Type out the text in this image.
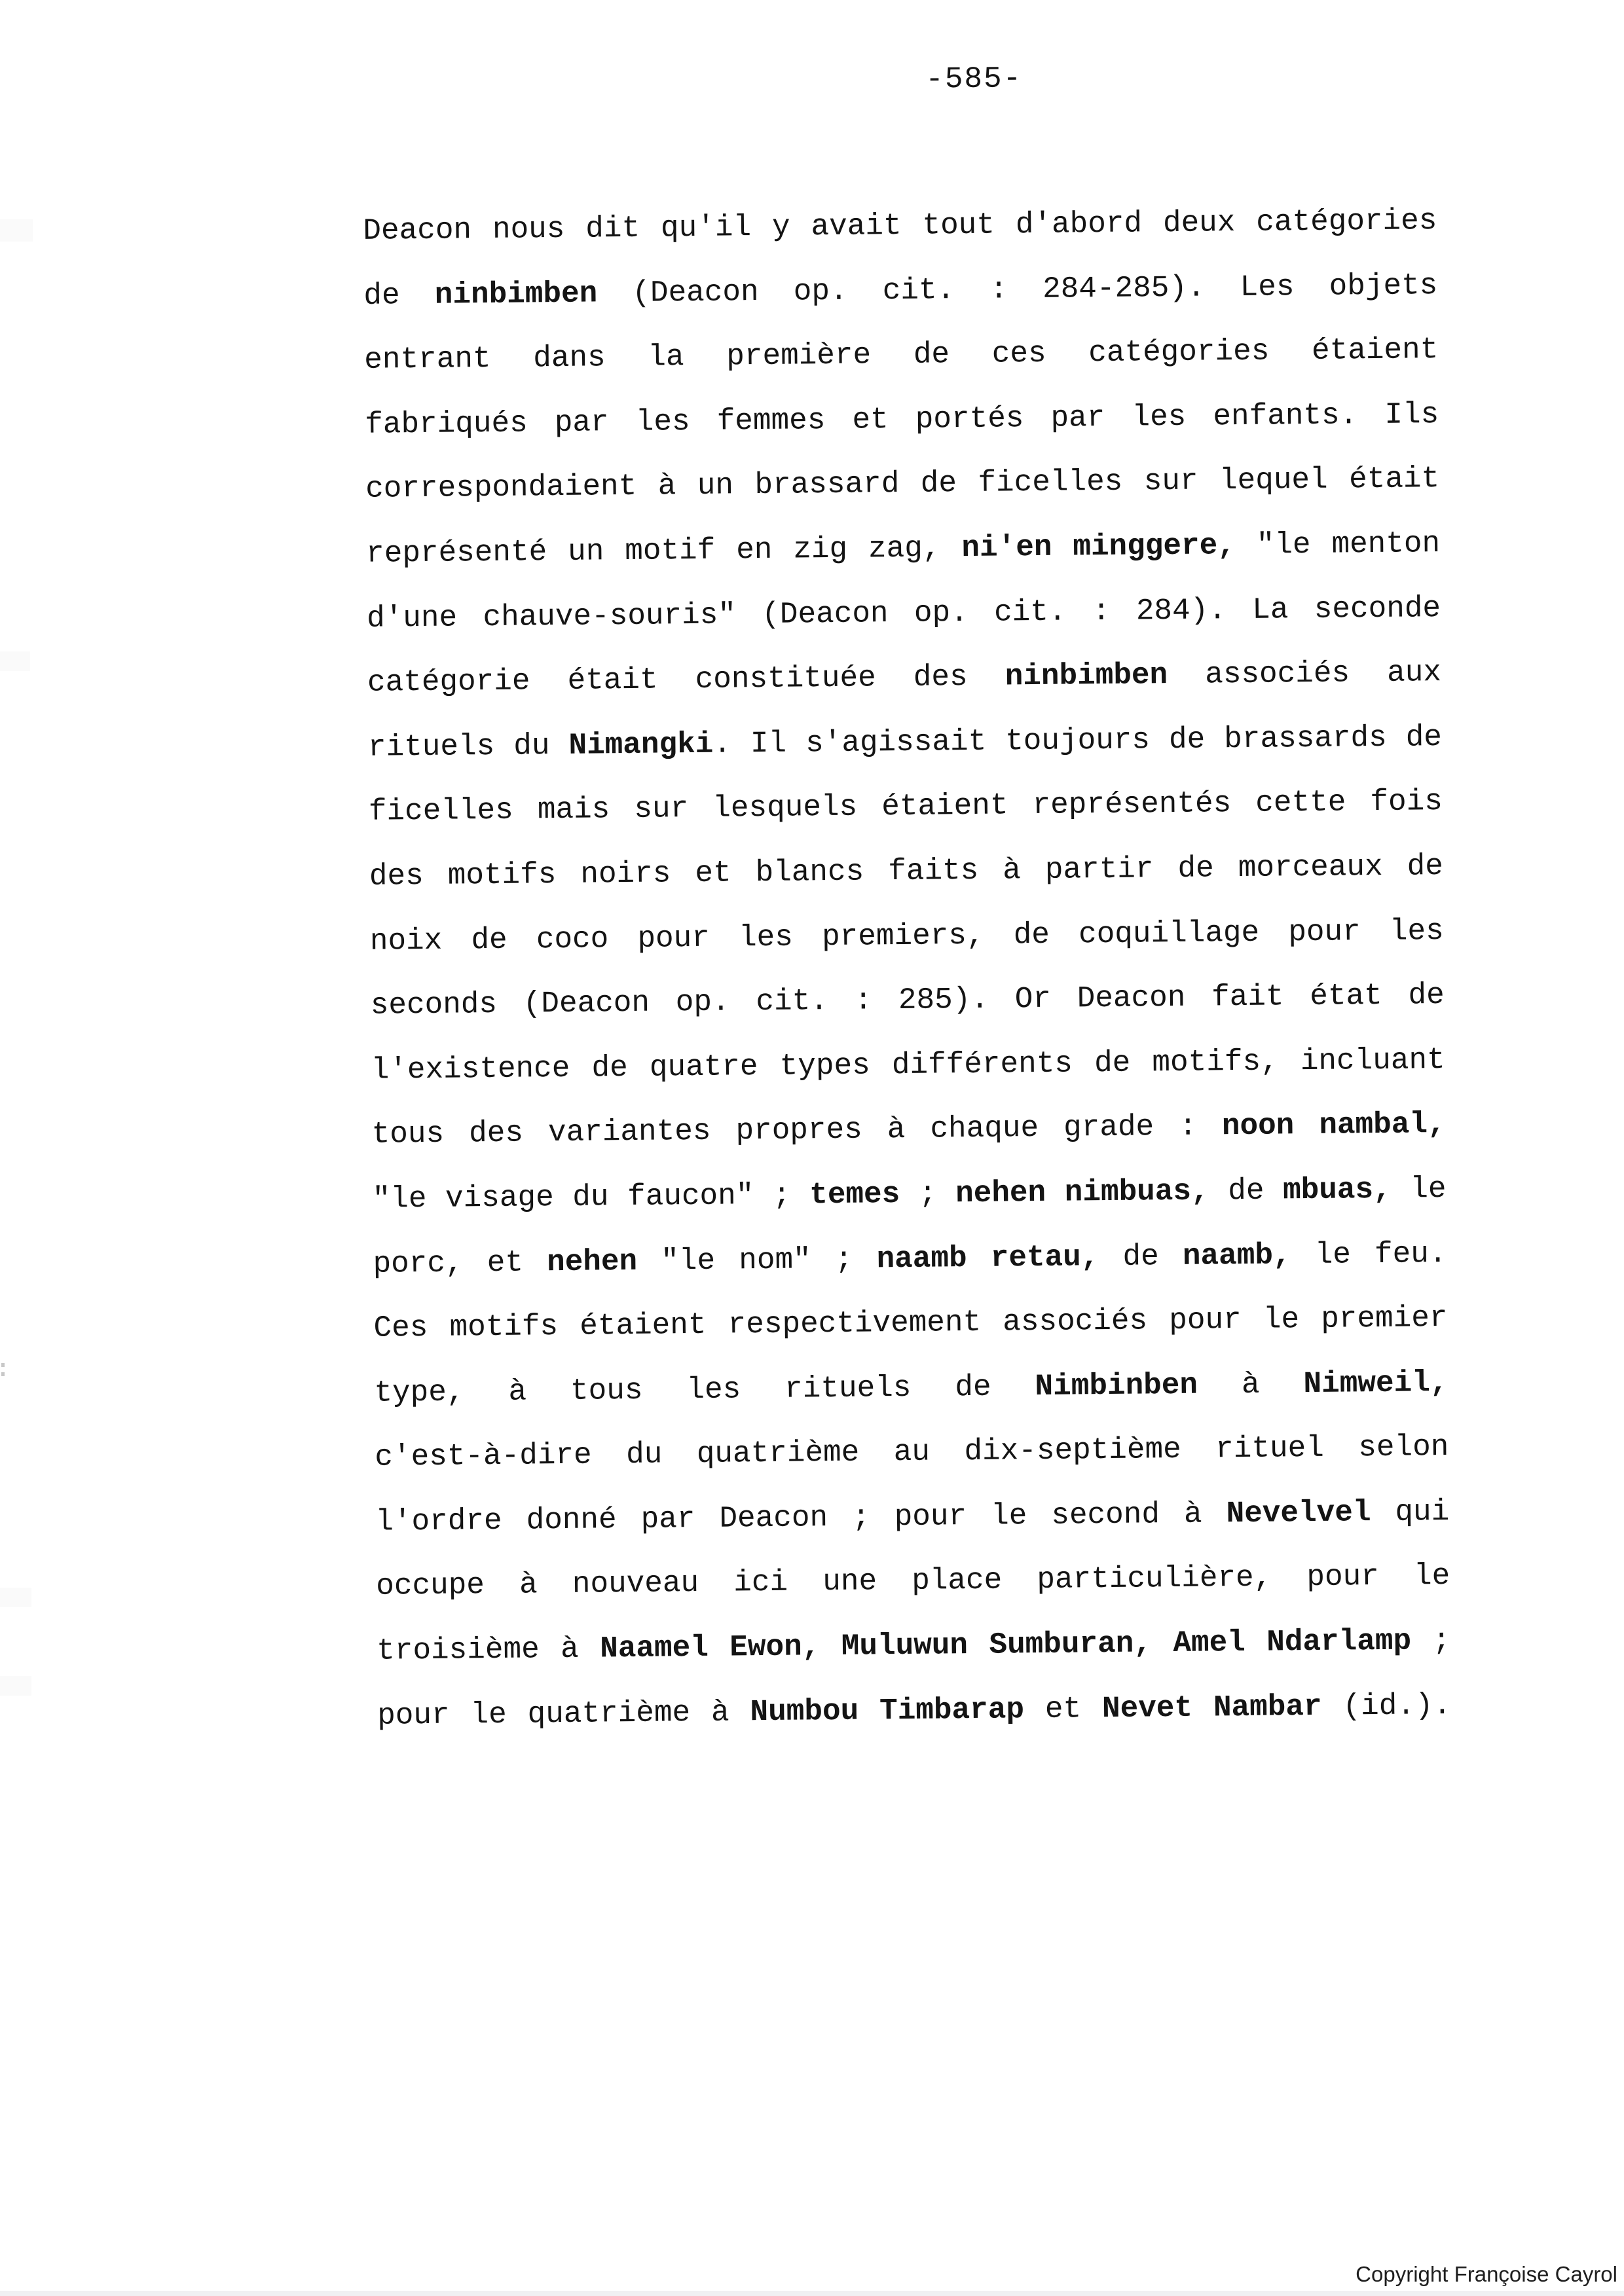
-585-
Deacon nous dit qu'il y avait tout d'abord deux catégories
de ninbimben (Deacon op. cit. : 284-285). Les objets
entrant dans la première de ces catégories étaient
fabriqués par les femmes et portés par les enfants. Ils
correspondaient à un brassard de ficelles sur lequel était
représenté un motif en zig zag, ni'en minggere, "le menton
d'une chauve-souris" (Deacon op. cit. : 284). La seconde
catégorie était constituée des ninbimben associés aux
rituels du Nimangki. Il s'agissait toujours de brassards de
ficelles mais sur lesquels étaient représentés cette fois
des motifs noirs et blancs faits à partir de morceaux de
noix de coco pour les premiers, de coquillage pour les
seconds (Deacon op. cit. : 285). Or Deacon fait état de
l'existence de quatre types différents de motifs, incluant
tous des variantes propres à chaque grade : noon nambal,
"le visage du faucon" ; temes ; nehen nimbuas, de mbuas, le
porc, et nehen "le nom" ; naamb retau, de naamb, le feu.
Ces motifs étaient respectivement associés pour le premier
type, à tous les rituels de Nimbinben à Nimweil,
c'est-à-dire du quatrième au dix-septième rituel selon
l'ordre donné par Deacon ; pour le second à Nevelvel qui
occupe à nouveau ici une place particulière, pour le
troisième à Naamel Ewon, Muluwun Sumburan, Amel Ndarlamp ;
pour le quatrième à Numbou Timbarap et Nevet Nambar (id.).
Copyright Françoise Cayrol
